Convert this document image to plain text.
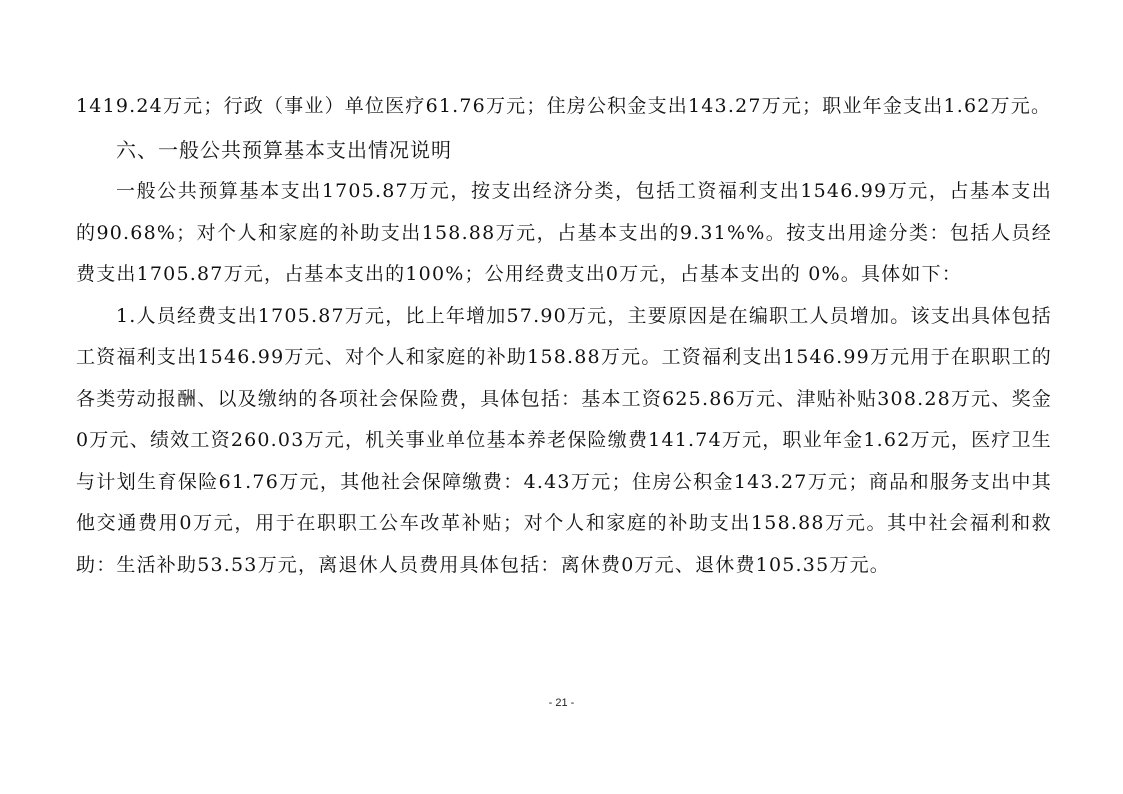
1419.24万元；行政（事业）单位医疗61.76万元；住房公积金支出143.27万元；职业年金支出1.62万元。

六、一般公共预算基本支出情况说明

一般公共预算基本支出1705.87万元，按支出经济分类，包括工资福利支出1546.99万元，占基本支出的90.68%；对个人和家庭的补助支出158.88万元，占基本支出的9.31%%。按支出用途分类：包括人员经费支出1705.87万元，占基本支出的100%；公用经费支出0万元，占基本支出的 0%。具体如下：

1.人员经费支出1705.87万元，比上年增加57.90万元，主要原因是在编职工人员增加。该支出具体包括工资福利支出1546.99万元、对个人和家庭的补助158.88万元。工资福利支出1546.99万元用于在职职工的各类劳动报酬、以及缴纳的各项社会保险费，具体包括：基本工资625.86万元、津贴补贴308.28万元、奖金0万元、绩效工资260.03万元，机关事业单位基本养老保险缴费141.74万元，职业年金1.62万元，医疗卫生与计划生育保险61.76万元，其他社会保障缴费：4.43万元；住房公积金143.27万元；商品和服务支出中其他交通费用0万元，用于在职职工公车改革补贴；对个人和家庭的补助支出158.88万元。其中社会福利和救助：生活补助53.53万元，离退休人员费用具体包括：离休费0万元、退休费105.35万元。

- 21 -
